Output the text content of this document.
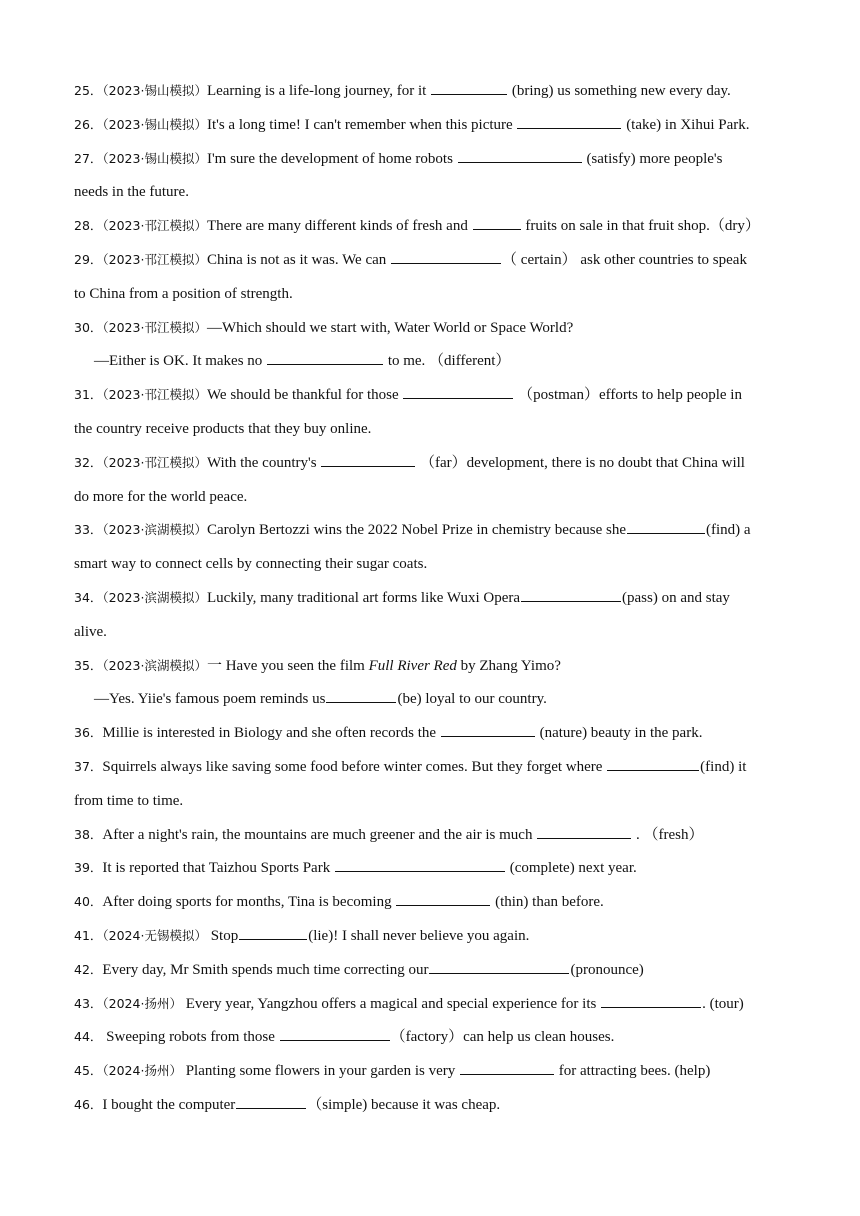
25．（2023·锡山模拟）Learning is a life-long journey, for it	(bring) us something new every day.
26．（2023·锡山模拟）It's a long time! I can't remember when this picture	(take) in Xihui Park.
27．（2023·锡山模拟）I'm sure the development of home robots	(satisfy) more people's
needs in the future.
28．（2023·邗江模拟）There are many different kinds of fresh and	fruits on sale in that fruit shop.（dry）
29．（2023·邗江模拟）China is not as it was. We can	（ certain） ask other countries to speak
to China from a position of strength.
30．（2023·邗江模拟）—Which should we start with, Water World or Space World?
—Either is OK. It makes no	to me. （different）
31．（2023·邗江模拟）We should be thankful for those	（postman）efforts to help people in
the country receive products that they buy online.
32．（2023·邗江模拟）With the country's	（far）development, there is no doubt that China will
do more for the world peace.
33．（2023·滨湖模拟）Carolyn Bertozzi wins the 2022 Nobel Prize in chemistry because she	(find) a
smart way to connect cells by connecting their sugar coats.
34．（2023·滨湖模拟）Luckily, many traditional art forms like Wuxi Opera	(pass) on and stay
alive.
35．（2023·滨湖模拟）一 Have you seen the film Full River Red by Zhang Yimo?
—Yes. Yiie's famous poem reminds us	(be) loyal to our country.
36．Millie is interested in Biology and she often records the	(nature) beauty in the park.
37．Squirrels always like saving some food before winter comes. But they forget where	(find) it
from time to time.
38．After a night's rain, the mountains are much greener and the air is much	. （fresh）
39．It is reported that Taizhou Sports Park	(complete) next year.
40．After doing sports for months, Tina is becoming	(thin) than before.
41．（2024·无锡模拟） Stop	(lie)! I shall never believe you again.
42．Every day, Mr Smith spends much time correcting our	(pronounce)
43．（2024·扬州） Every year, Yangzhou offers a magical and special experience for its	. (tour)
44． Sweeping robots from those	（factory）can help us clean houses.
45．（2024·扬州） Planting some flowers in your garden is very	for attracting bees. (help)
46．I bought the computer	（simple) because it was cheap.
